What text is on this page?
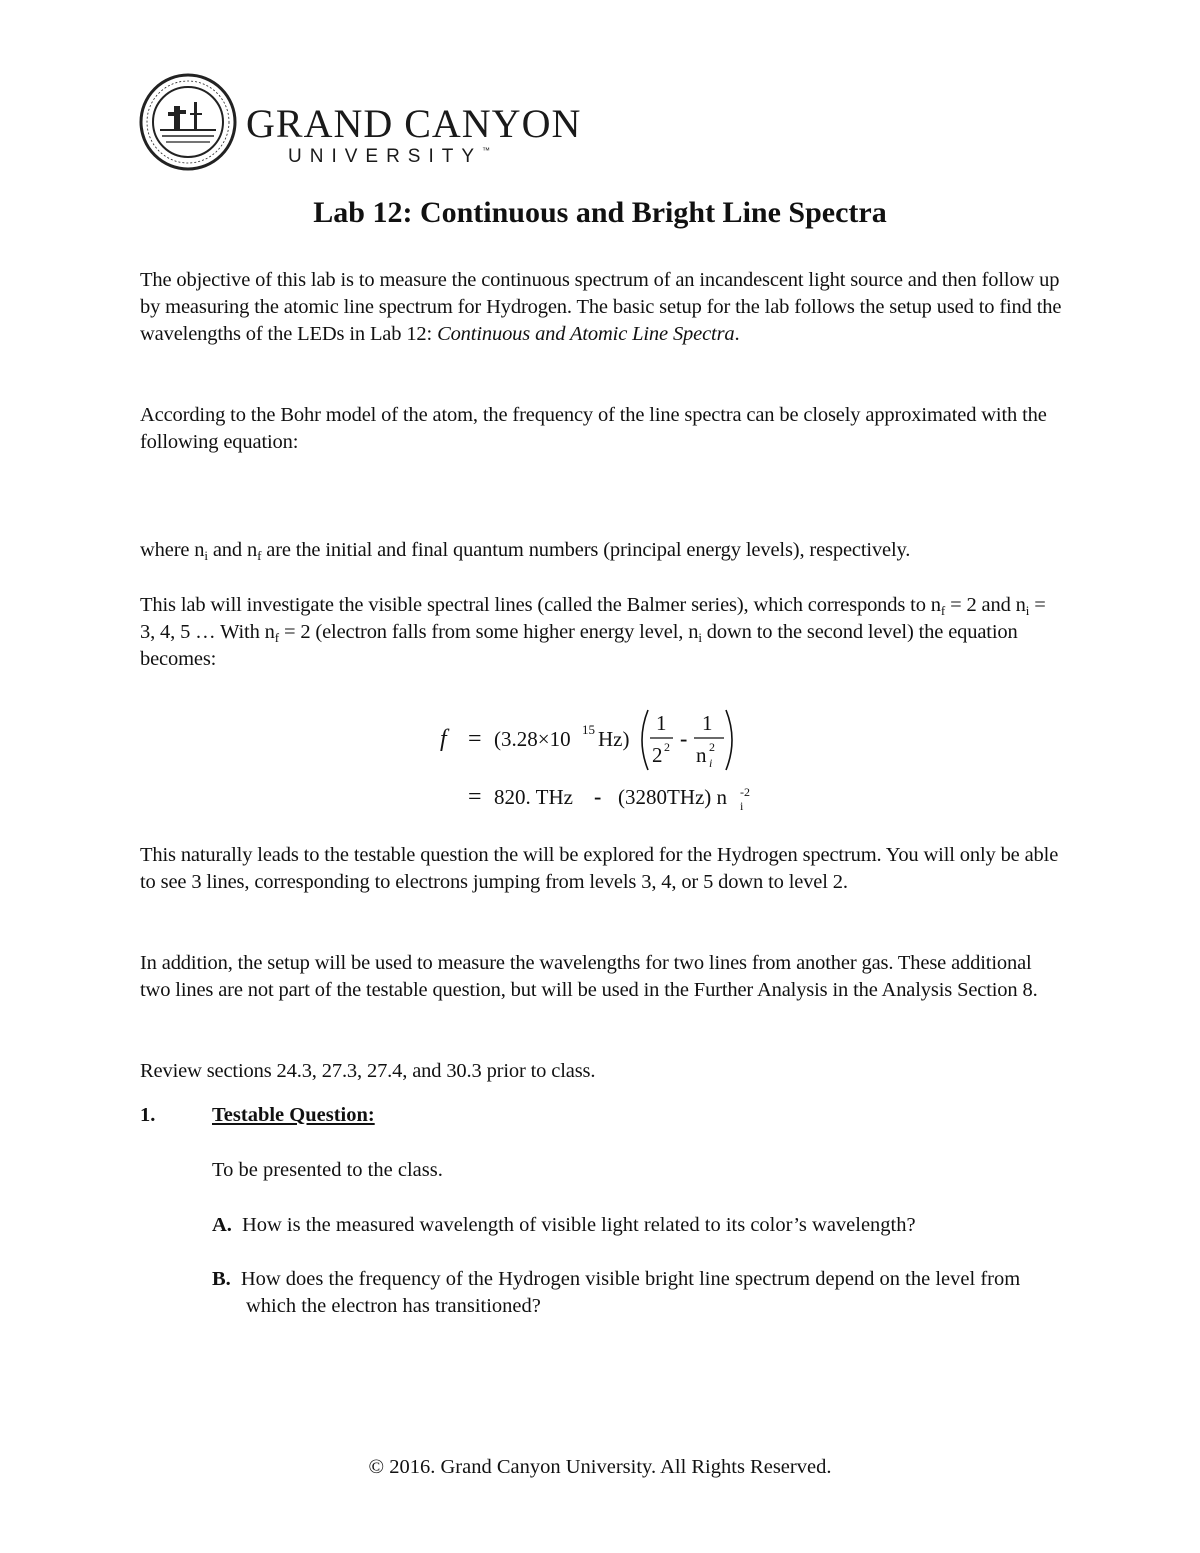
GRAND CANYON
UNIVERSITY™
Lab 12: Continuous and Bright Line Spectra

The objective of this lab is to measure the continuous spectrum of an incandescent light source and then follow up by measuring the atomic line spectrum for Hydrogen. The basic setup for the lab follows the setup used to find the wavelengths of the LEDs in Lab 12: Continuous and Atomic Line Spectra.

According to the Bohr model of the atom, the frequency of the line spectra can be closely approximated with the following equation:

where $n_i$ and $n_f$ are the initial and final quantum numbers (principal energy levels), respectively.

This lab will investigate the visible spectral lines (called the Balmer series), which corresponds to $n_f = 2$ and $n_i = 3$, 4, 5 … With $n_f = 2$ (electron falls from some higher energy level, $n_i$ down to the second level) the equation becomes:

f = (3.28×10 15 Hz)
1
2 2 -
1
n 2
i
= 820. THz - (3280THz) n -2
i

This naturally leads to the testable question the will be explored for the Hydrogen spectrum. You will only be able to see 3 lines, corresponding to electrons jumping from levels 3, 4, or 5 down to level 2.

In addition, the setup will be used to measure the wavelengths for two lines from another gas. These additional two lines are not part of the testable question, but will be used in the Further Analysis in the Analysis Section 8.

Review sections 24.3, 27.3, 27.4, and 30.3 prior to class.

1.	Testable Question:

To be presented to the class.

A. How is the measured wavelength of visible light related to its color’s wavelength?

B. How does the frequency of the Hydrogen visible bright line spectrum depend on the level from which the electron has transitioned?

© 2016. Grand Canyon University. All Rights Reserved.
